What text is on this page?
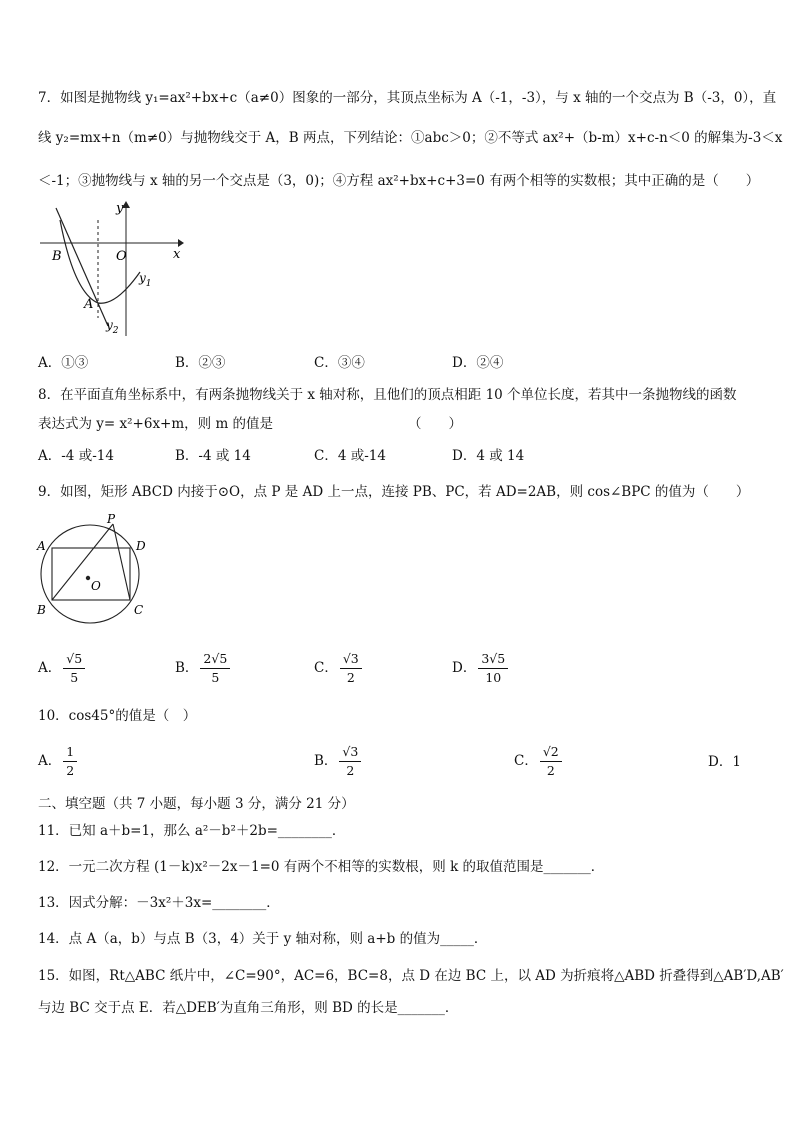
7．如图是抛物线 y₁=ax²+bx+c（a≠0）图象的一部分，其顶点坐标为 A（-1，-3），与 x 轴的一个交点为 B（-3，0），直
线 y₂=mx+n（m≠0）与抛物线交于 A，B 两点，下列结论：①abc＞0；②不等式 ax²+（b-m）x+c-n＜0 的解集为-3＜x
＜-1；③抛物线与 x 轴的另一个交点是（3，0)；④方程 ax²+bx+c+3=0 有两个相等的实数根；其中正确的是（　　）
y
x
O
B
A
$y_1$
$y_2$
A．①③	B．②③	C．③④	D．②④
8．在平面直角坐标系中，有两条抛物线关于 x 轴对称，且他们的顶点相距 10 个单位长度，若其中一条抛物线的函数
表达式为 y= x²+6x+m，则 m 的值是	（　　）
A．-4 或-14	B．-4 或 14	C．4 或-14	D．4 或 14
9．如图，矩形 ABCD 内接于⊙O，点 P 是 AD 上一点，连接 PB、PC，若 AD=2AB，则 cos∠BPC 的值为（　　）
P
A	D
B	C
O
A． $\frac{√5}{5}$	B． $\frac{2√5}{5}$	C． $\frac{√3}{2}$	D． $\frac{3√5}{10}$
10．cos45°的值是（　）
A． $\frac{1}{2}$	B． $\frac{√3}{2}$	C． $\frac{√2}{2}$	D．1
二、填空题（共 7 小题，每小题 3 分，满分 21 分）
11．已知 a＋b=1，那么 a²－b²＋2b=________．
12．一元二次方程 (1－k)x²－2x－1=0 有两个不相等的实数根，则 k 的取值范围是_______．
13．因式分解：－3x²＋3x=________．
14．点 A（a，b）与点 B（3，4）关于 y 轴对称，则 a+b 的值为_____．
15．如图，Rt△ABC 纸片中，∠C=90°，AC=6，BC=8，点 D 在边 BC 上，以 AD 为折痕将△ABD 折叠得到△AB′D,AB′
与边 BC 交于点 E．若△DEB′为直角三角形，则 BD 的长是_______．
